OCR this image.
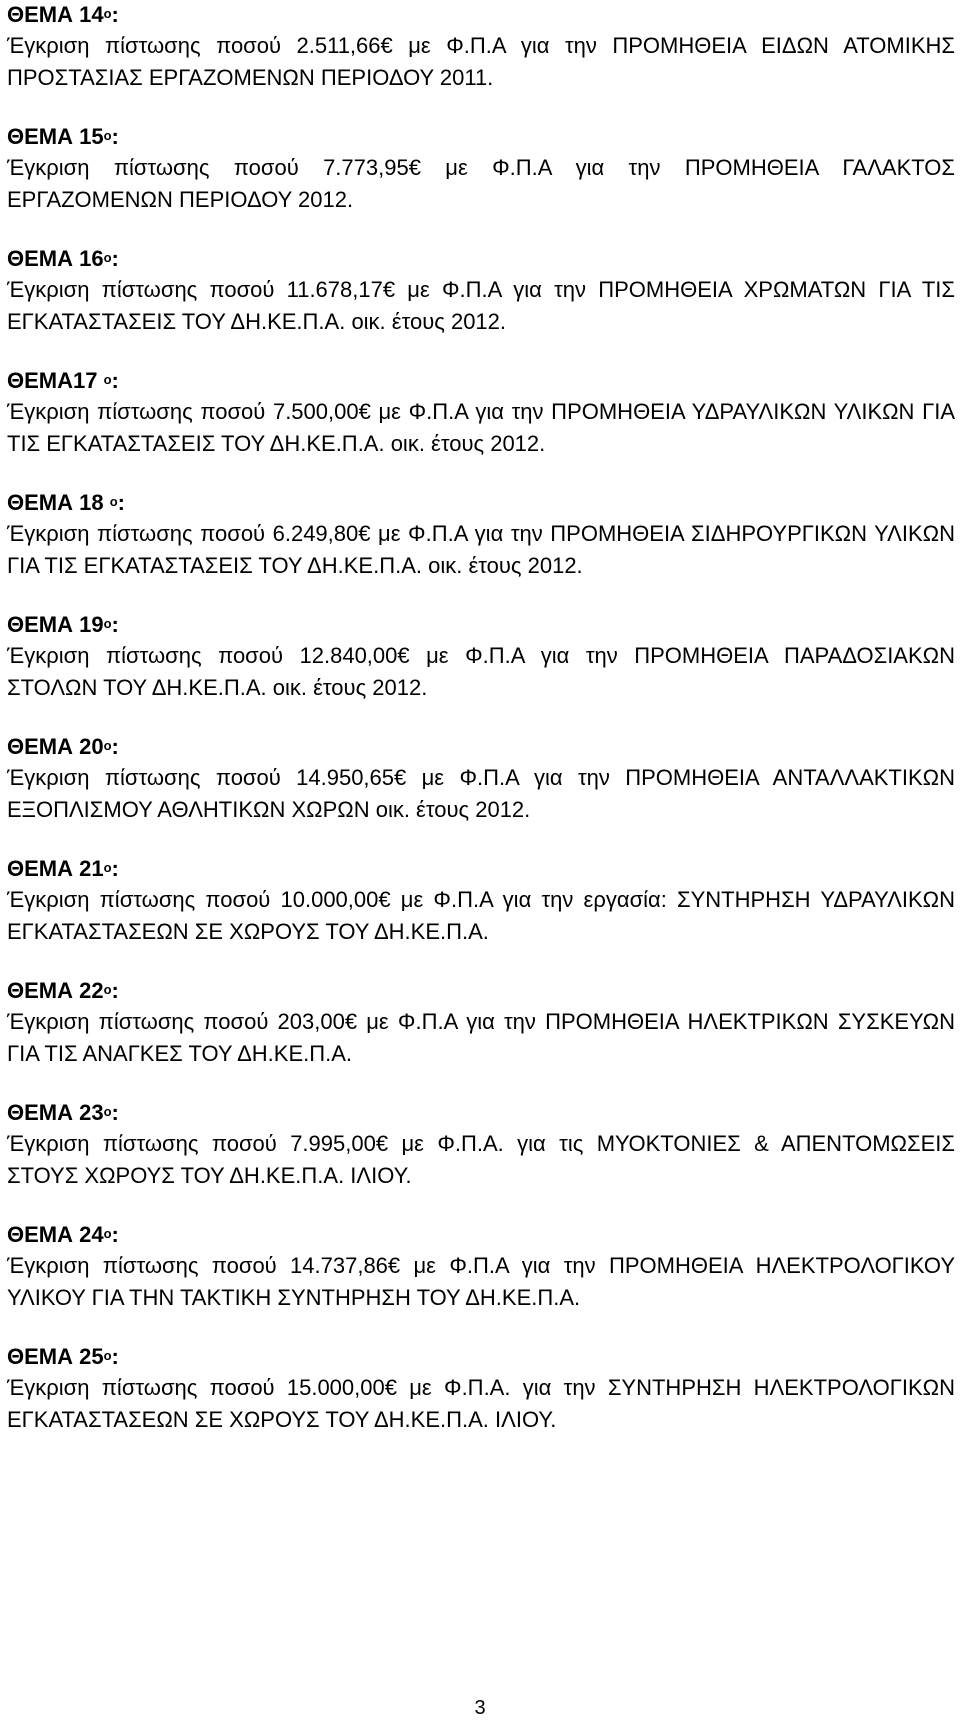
ΘΕΜΑ $14^o$:
Έγκριση πίστωσης ποσού 2.511,66€ με Φ.Π.Α για την ΠΡΟΜΗΘΕΙΑ ΕΙΔΩΝ ΑΤΟΜΙΚΗΣ ΠΡΟΣΤΑΣΙΑΣ ΕΡΓΑΖΟΜΕΝΩΝ ΠΕΡΙΟΔΟΥ 2011.
ΘΕΜΑ $15^o$:
Έγκριση πίστωσης ποσού 7.773,95€ με Φ.Π.Α για την ΠΡΟΜΗΘΕΙΑ ΓΑΛΑΚΤΟΣ ΕΡΓΑΖΟΜΕΝΩΝ ΠΕΡΙΟΔΟΥ 2012.
ΘΕΜΑ $16^o$:
Έγκριση πίστωσης ποσού 11.678,17€ με Φ.Π.Α για την ΠΡΟΜΗΘΕΙΑ ΧΡΩΜΑΤΩΝ ΓΙΑ ΤΙΣ ΕΓΚΑΤΑΣΤΑΣΕΙΣ ΤΟΥ ΔΗ.ΚΕ.Π.Α. οικ. έτους 2012.
ΘΕΜΑ17 $^o$:
Έγκριση πίστωσης ποσού 7.500,00€ με Φ.Π.Α για την ΠΡΟΜΗΘΕΙΑ ΥΔΡΑΥΛΙΚΩΝ ΥΛΙΚΩΝ ΓΙΑ ΤΙΣ ΕΓΚΑΤΑΣΤΑΣΕΙΣ ΤΟΥ ΔΗ.ΚΕ.Π.Α. οικ. έτους 2012.
ΘΕΜΑ 18 $^o$:
Έγκριση πίστωσης ποσού 6.249,80€ με Φ.Π.Α για την ΠΡΟΜΗΘΕΙΑ ΣΙΔΗΡΟΥΡΓΙΚΩΝ ΥΛΙΚΩΝ ΓΙΑ ΤΙΣ ΕΓΚΑΤΑΣΤΑΣΕΙΣ ΤΟΥ ΔΗ.ΚΕ.Π.Α. οικ. έτους 2012.
ΘΕΜΑ $19^o$:
Έγκριση πίστωσης ποσού 12.840,00€ με Φ.Π.Α για την ΠΡΟΜΗΘΕΙΑ ΠΑΡΑΔΟΣΙΑΚΩΝ ΣΤΟΛΩΝ ΤΟΥ ΔΗ.ΚΕ.Π.Α. οικ. έτους 2012.
ΘΕΜΑ $20^o$:
Έγκριση πίστωσης ποσού 14.950,65€ με Φ.Π.Α για την ΠΡΟΜΗΘΕΙΑ ΑΝΤΑΛΛΑΚΤΙΚΩΝ ΕΞΟΠΛΙΣΜΟΥ ΑΘΛΗΤΙΚΩΝ ΧΩΡΩΝ οικ. έτους 2012.
ΘΕΜΑ $21^o$:
Έγκριση πίστωσης ποσού 10.000,00€ με Φ.Π.Α για την εργασία: ΣΥΝΤΗΡΗΣΗ ΥΔΡΑΥΛΙΚΩΝ ΕΓΚΑΤΑΣΤΑΣΕΩΝ ΣΕ ΧΩΡΟΥΣ ΤΟΥ ΔΗ.ΚΕ.Π.Α.
ΘΕΜΑ $22^o$:
Έγκριση πίστωσης ποσού 203,00€ με Φ.Π.Α για την ΠΡΟΜΗΘΕΙΑ ΗΛΕΚΤΡΙΚΩΝ ΣΥΣΚΕΥΩΝ ΓΙΑ ΤΙΣ ΑΝΑΓΚΕΣ ΤΟΥ ΔΗ.ΚΕ.Π.Α.
ΘΕΜΑ $23^o$:
Έγκριση πίστωσης ποσού 7.995,00€ με Φ.Π.Α. για τις ΜΥΟΚΤΟΝΙΕΣ & ΑΠΕΝΤΟΜΩΣΕΙΣ ΣΤΟΥΣ ΧΩΡΟΥΣ ΤΟΥ ΔΗ.ΚΕ.Π.Α. ΙΛΙΟΥ.
ΘΕΜΑ $24^o$:
Έγκριση πίστωσης ποσού 14.737,86€ με Φ.Π.Α για την ΠΡΟΜΗΘΕΙΑ ΗΛΕΚΤΡΟΛΟΓΙΚΟΥ ΥΛΙΚΟΥ ΓΙΑ ΤΗΝ ΤΑΚΤΙΚΗ ΣΥΝΤΗΡΗΣΗ ΤΟΥ ΔΗ.ΚΕ.Π.Α.
ΘΕΜΑ $25^o$:
Έγκριση πίστωσης ποσού 15.000,00€ με Φ.Π.Α. για την ΣΥΝΤΗΡΗΣΗ ΗΛΕΚΤΡΟΛΟΓΙΚΩΝ ΕΓΚΑΤΑΣΤΑΣΕΩΝ ΣΕ ΧΩΡΟΥΣ ΤΟΥ ΔΗ.ΚΕ.Π.Α. ΙΛΙΟΥ.
3
